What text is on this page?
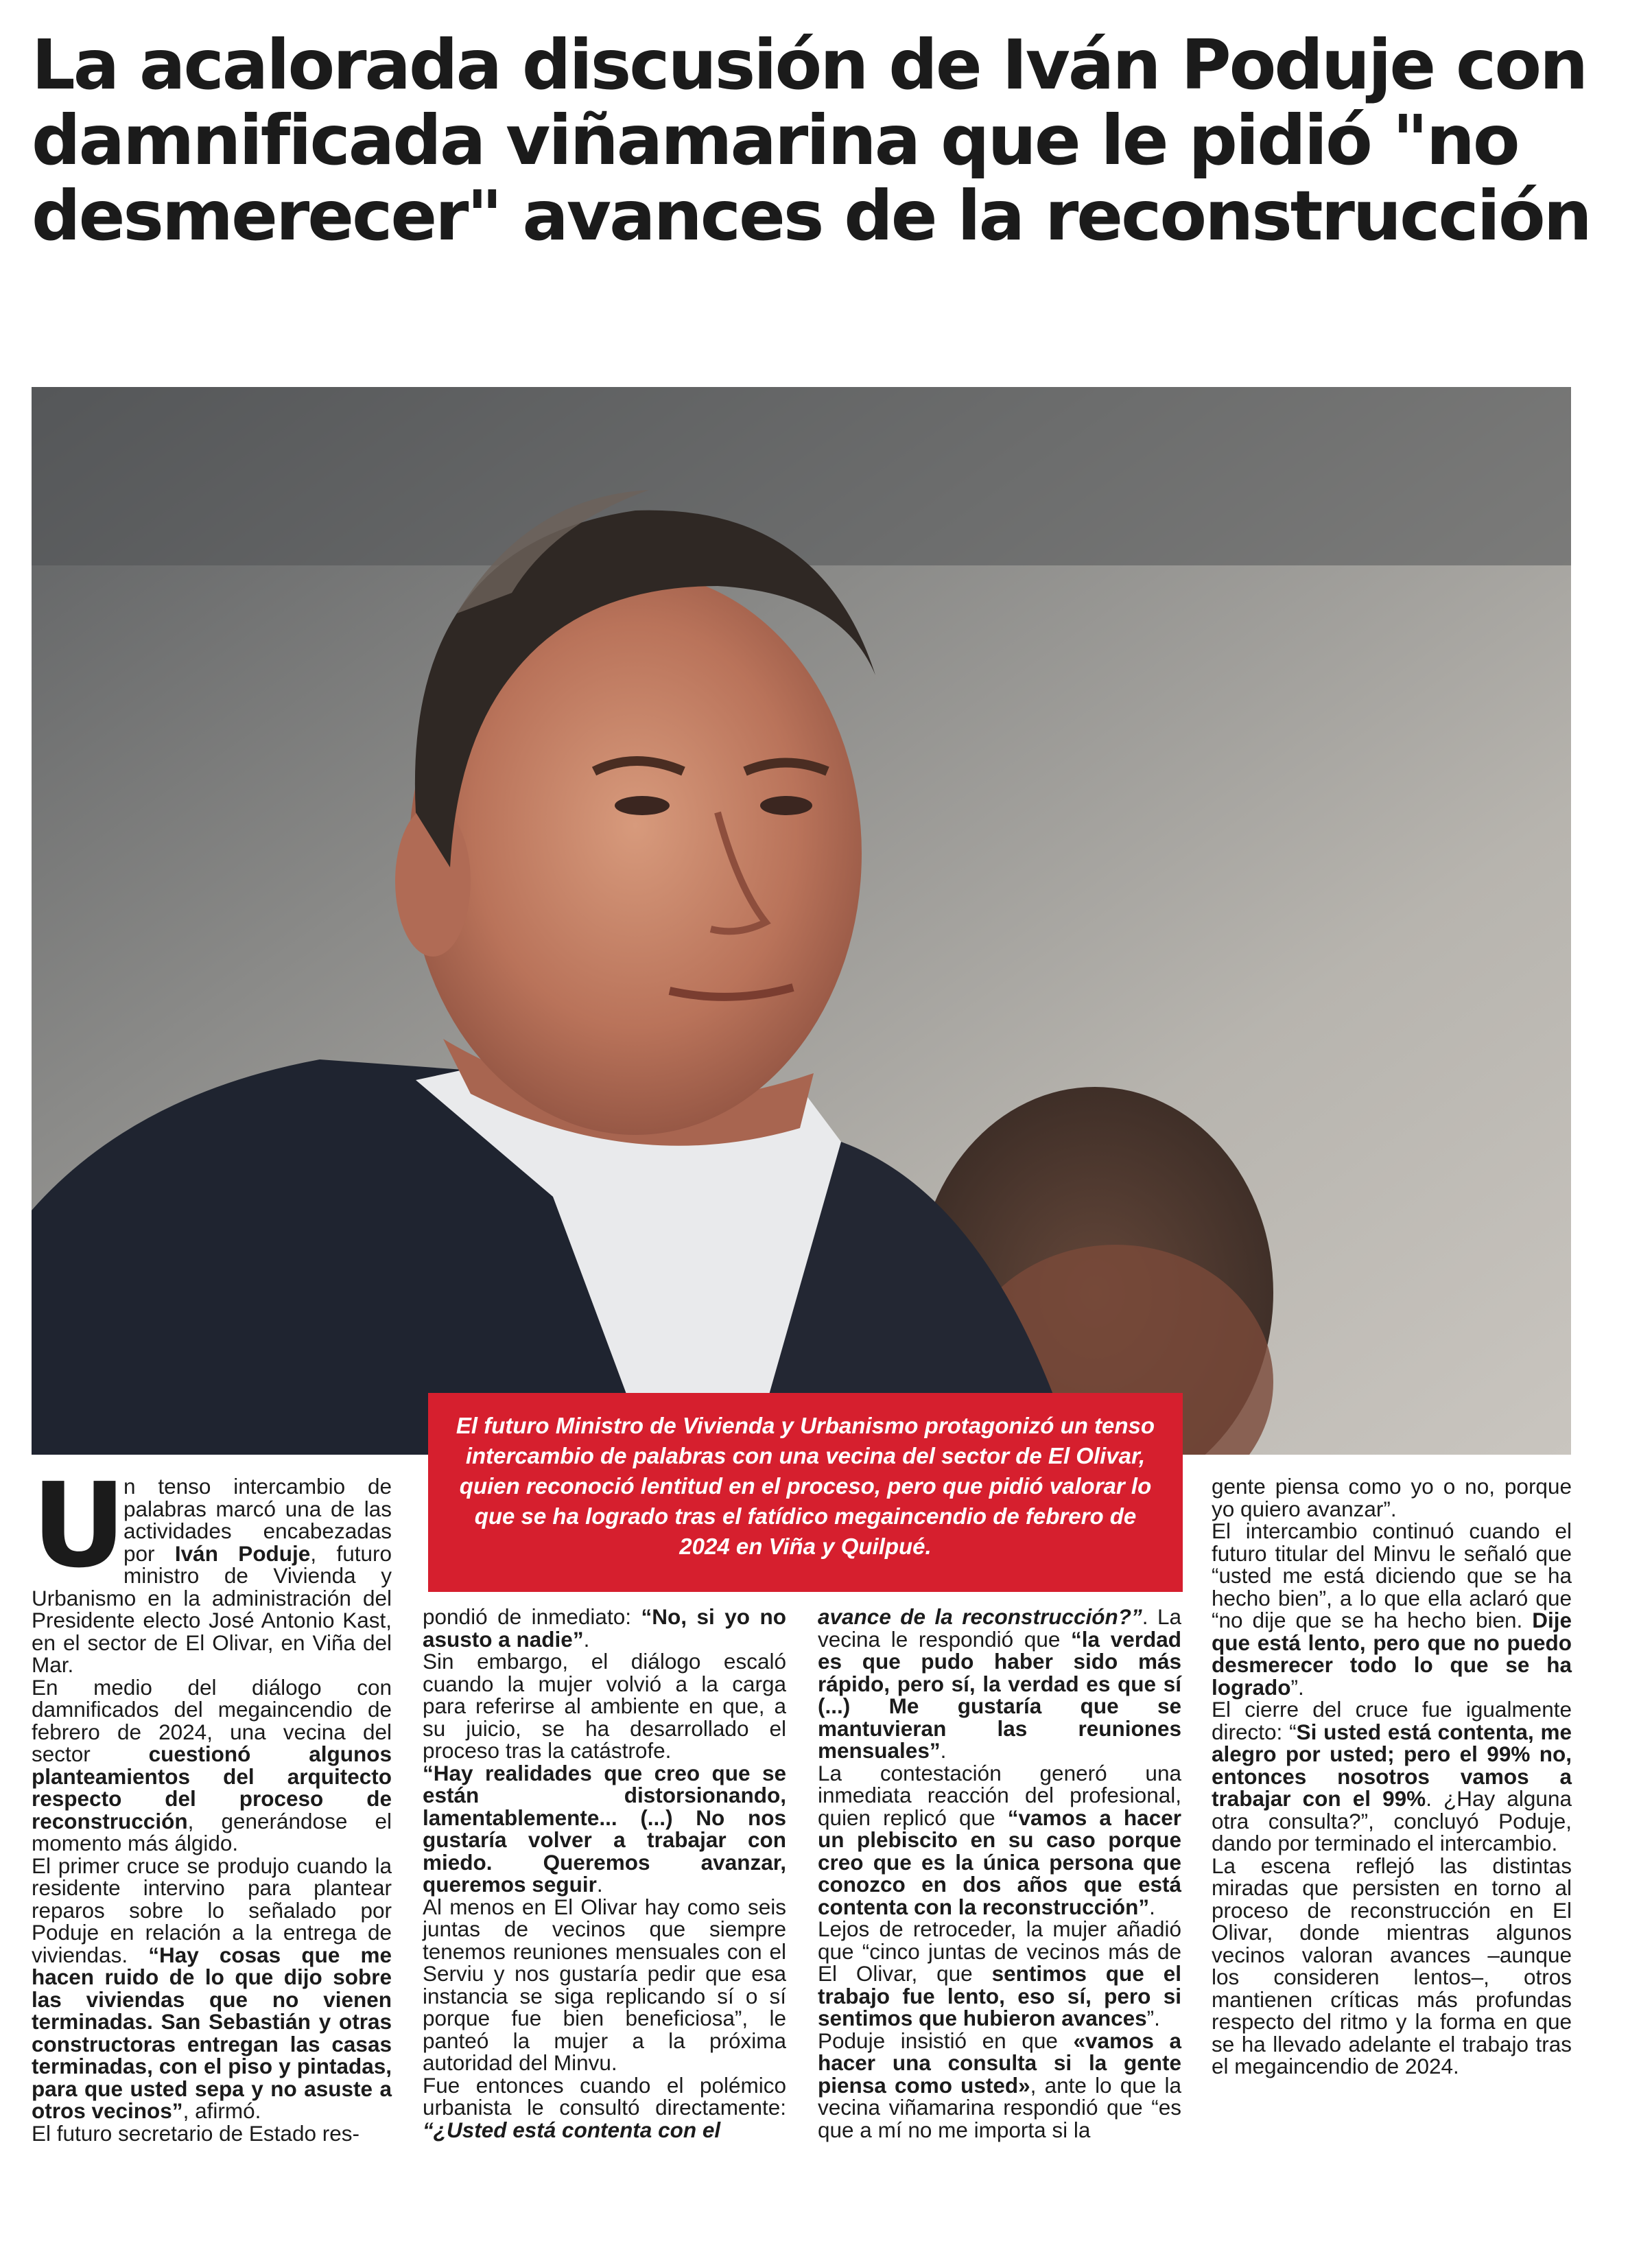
La acalorada discusión de Iván Poduje con damnificada viñamarina que le pidió "no desmerecer" avances de la reconstrucción
El futuro Ministro de Vivienda y Urbanismo protagonizó un tenso intercambio de palabras con una vecina del sector de El Olivar, quien reconoció lentitud en el proceso, pero que pidió valorar lo que se ha logrado tras el fatídico megaincendio de febrero de 2024 en Viña y Quilpué.
U

n tenso intercambio de palabras marcó una de las actividades encabezadas por Iván Poduje, futuro ministro de Vivienda y Urbanismo en la administración del Presidente electo José Antonio Kast, en el sector de El Olivar, en Viña del Mar.

En medio del diálogo con damnificados del megaincendio de febrero de 2024, una vecina del sector cuestionó algunos planteamientos del arquitecto respecto del proceso de reconstrucción, generándose el momento más álgido.

El primer cruce se produjo cuando la residente intervino para plantear reparos sobre lo señalado por Poduje en relación a la entrega de viviendas. “Hay cosas que me hacen ruido de lo que dijo sobre las viviendas que no vienen terminadas. San Sebastián y otras constructoras entregan las casas terminadas, con el piso y pintadas, para que usted sepa y no asuste a otros vecinos”, afirmó.

El futuro secretario de Estado res-

pondió de inmediato: “No, si yo no asusto a nadie”.

Sin embargo, el diálogo escaló cuando la mujer volvió a la carga para referirse al ambiente en que, a su juicio, se ha desarrollado el proceso tras la catástrofe.

“Hay realidades que creo que se están distorsionando, lamentablemente... (...) No nos gustaría volver a trabajar con miedo. Queremos avanzar, queremos seguir.

Al menos en El Olivar hay como seis juntas de vecinos que siempre tenemos reuniones mensuales con el Serviu y nos gustaría pedir que esa instancia se siga replicando sí o sí porque fue bien beneficiosa”, le panteó la mujer a la próxima autoridad del Minvu.

Fue entonces cuando el polémico urbanista le consultó directamente: “¿Usted está contenta con el

avance de la reconstrucción?”. La vecina le respondió que “la verdad es que pudo haber sido más rápido, pero sí, la verdad es que sí (...) Me gustaría que se mantuvieran las reuniones mensuales”.

La contestación generó una inmediata reacción del profesional, quien replicó que “vamos a hacer un plebiscito en su caso porque creo que es la única persona que conozco en dos años que está contenta con la reconstrucción”.

Lejos de retroceder, la mujer añadió que “cinco juntas de vecinos más de El Olivar, que sentimos que el trabajo fue lento, eso sí, pero si sentimos que hubieron avances”.

Poduje insistió en que «vamos a hacer una consulta si la gente piensa como usted», ante lo que la vecina viñamarina respondió que “es que a mí no me importa si la

gente piensa como yo o no, porque yo quiero avanzar”.

El intercambio continuó cuando el futuro titular del Minvu le señaló que “usted me está diciendo que se ha hecho bien”, a lo que ella aclaró que “no dije que se ha hecho bien. Dije que está lento, pero que no puedo desmerecer todo lo que se ha logrado”.

El cierre del cruce fue igualmente directo: “Si usted está contenta, me alegro por usted; pero el 99% no, entonces nosotros vamos a trabajar con el 99%. ¿Hay alguna otra consulta?”, concluyó Poduje, dando por terminado el intercambio.

La escena reflejó las distintas miradas que persisten en torno al proceso de reconstrucción en El Olivar, donde mientras algunos vecinos valoran avances –aunque los consideren lentos–, otros mantienen críticas más profundas respecto del ritmo y la forma en que se ha llevado adelante el trabajo tras el megaincendio de 2024.
